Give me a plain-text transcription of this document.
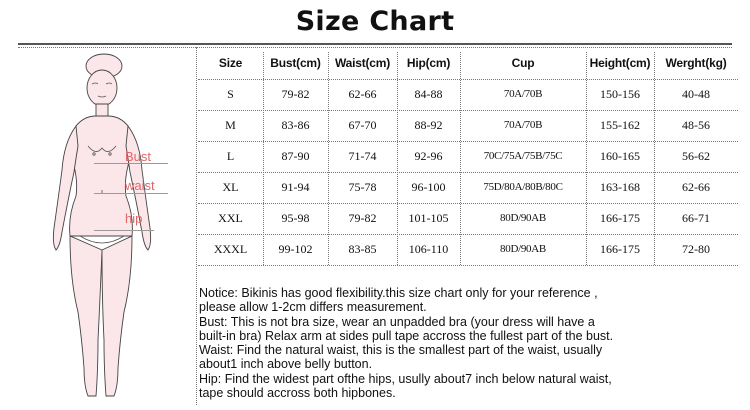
Size Chart
Bust
waist
hip
Size	Bust(cm)	Waist(cm)	Hip(cm)	Cup	Height(cm)	Werght(kg)
S	79-82	62-66	84-88	70A/70B	150-156	40-48
M	83-86	67-70	88-92	70A/70B	155-162	48-56
L	87-90	71-74	92-96	70C/75A/75B/75C	160-165	56-62
XL	91-94	75-78	96-100	75D/80A/80B/80C	163-168	62-66
XXL	95-98	79-82	101-105	80D/90AB	166-175	66-71
XXXL	99-102	83-85	106-110	80D/90AB	166-175	72-80
Notice: Bikinis has good flexibility.this size chart only for your reference ,
please allow 1-2cm differs measurement.
Bust: This is not bra size, wear an unpadded bra (your dress will have a
built-in bra) Relax arm at sides pull tape accross the fullest part of the bust.
Waist: Find the natural waist, this is the smallest part of the waist, usually
about1 inch above belly button.
Hip: Find the widest part ofthe hips, usully about7 inch below natural waist,
tape should accross both hipbones.
